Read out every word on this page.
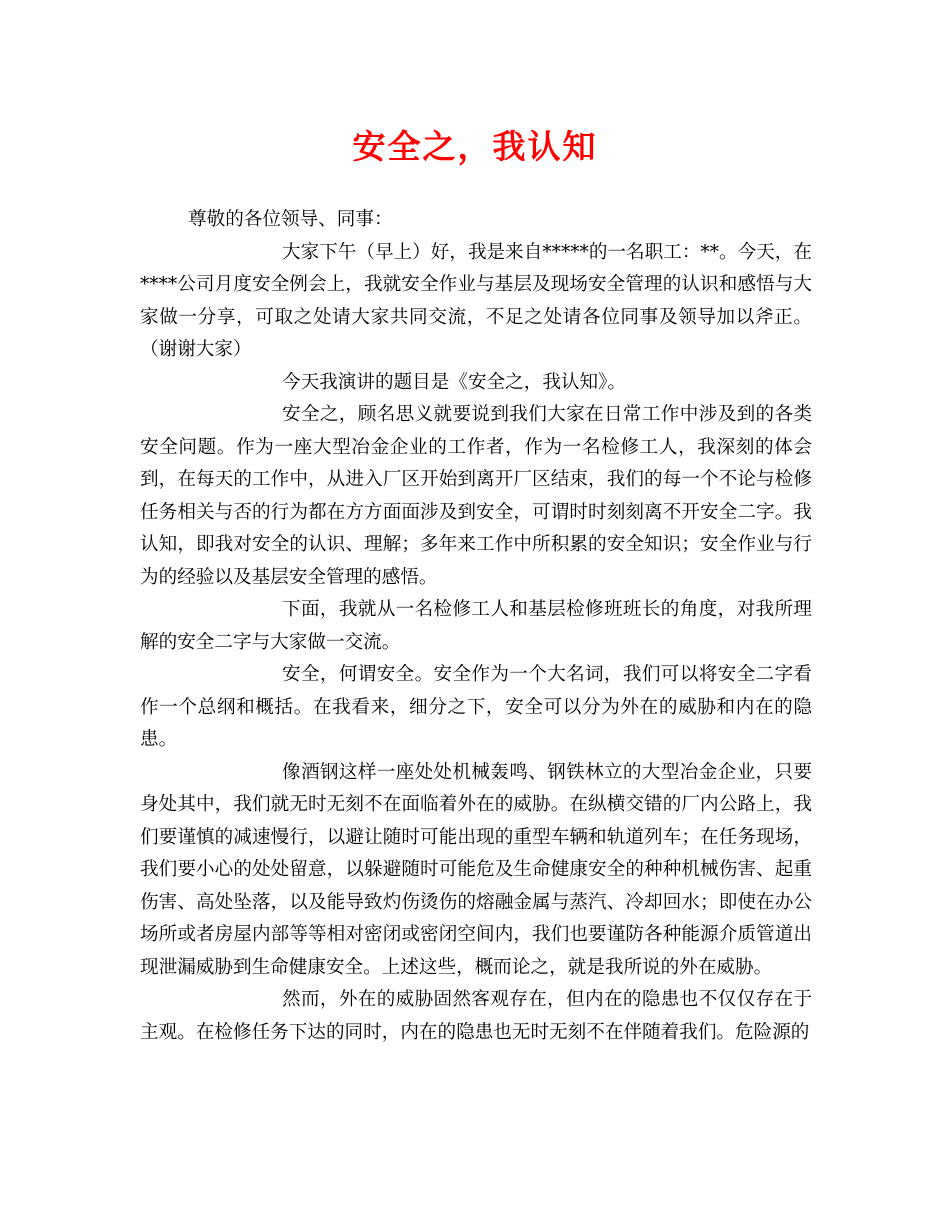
安全之，我认知

尊敬的各位领导、同事：

大家下午（早上）好，我是来自*****的一名职工：**。今天，在****公司月度安全例会上，我就安全作业与基层及现场安全管理的认识和感悟与大家做一分享，可取之处请大家共同交流，不足之处请各位同事及领导加以斧正。（谢谢大家）

今天我演讲的题目是《安全之，我认知》。

安全之，顾名思义就要说到我们大家在日常工作中涉及到的各类安全问题。作为一座大型冶金企业的工作者，作为一名检修工人，我深刻的体会到，在每天的工作中，从进入厂区开始到离开厂区结束，我们的每一个不论与检修任务相关与否的行为都在方方面面涉及到安全，可谓时时刻刻离不开安全二字。我认知，即我对安全的认识、理解；多年来工作中所积累的安全知识；安全作业与行为的经验以及基层安全管理的感悟。

下面，我就从一名检修工人和基层检修班班长的角度，对我所理解的安全二字与大家做一交流。

安全，何谓安全。安全作为一个大名词，我们可以将安全二字看作一个总纲和概括。在我看来，细分之下，安全可以分为外在的威胁和内在的隐患。

像酒钢这样一座处处机械轰鸣、钢铁林立的大型冶金企业，只要身处其中，我们就无时无刻不在面临着外在的威胁。在纵横交错的厂内公路上，我们要谨慎的减速慢行，以避让随时可能出现的重型车辆和轨道列车；在任务现场，我们要小心的处处留意，以躲避随时可能危及生命健康安全的种种机械伤害、起重伤害、高处坠落，以及能导致灼伤烫伤的熔融金属与蒸汽、冷却回水；即使在办公场所或者房屋内部等等相对密闭或密闭空间内，我们也要谨防各种能源介质管道出现泄漏威胁到生命健康安全。上述这些，概而论之，就是我所说的外在威胁。

然而，外在的威胁固然客观存在，但内在的隐患也不仅仅存在于主观。在检修任务下达的同时，内在的隐患也无时无刻不在伴随着我们。危险源的
